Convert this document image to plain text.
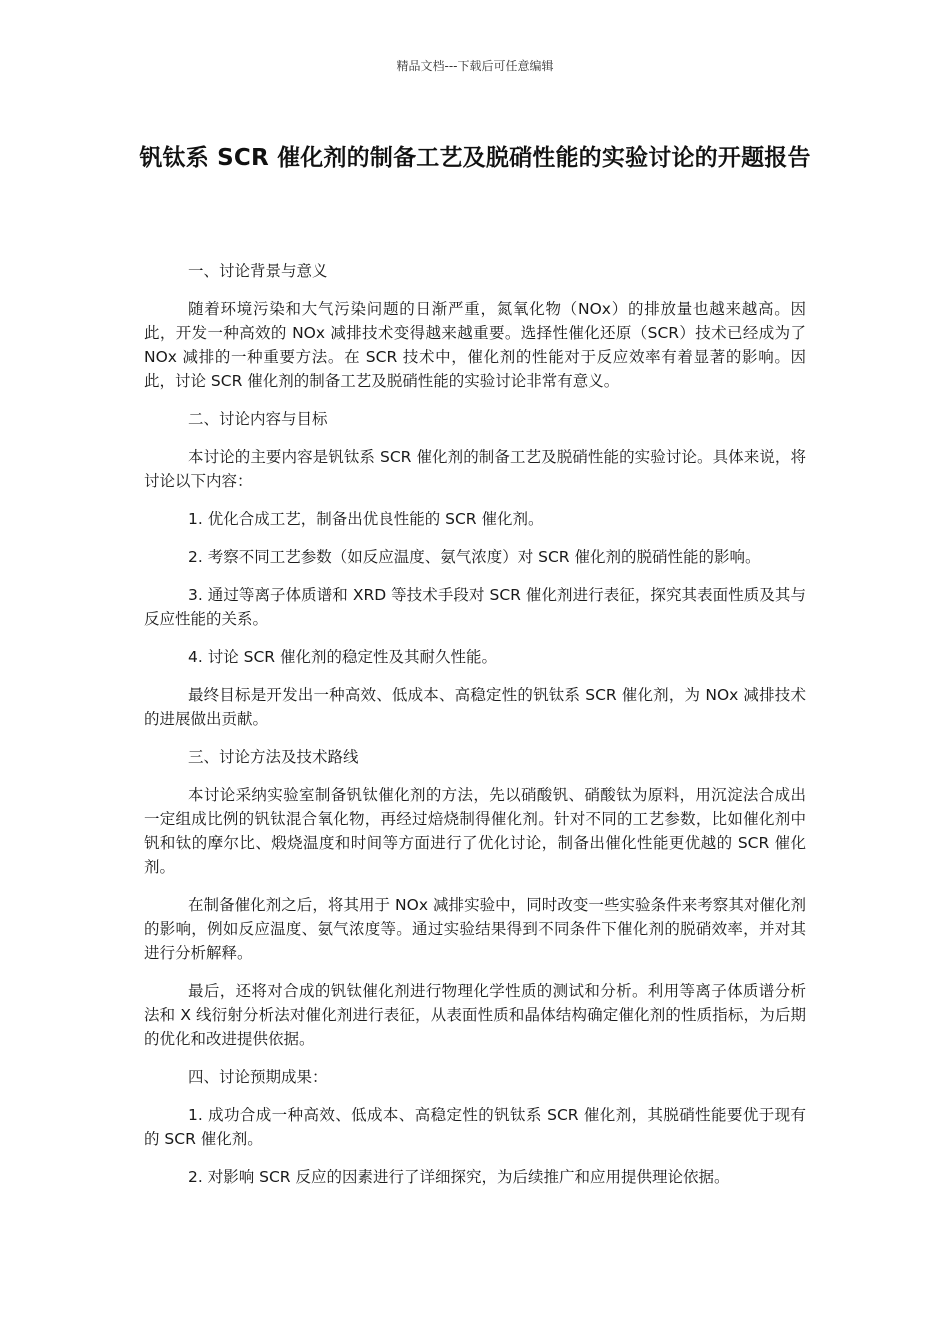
精品文档---下载后可任意编辑
钒钛系 SCR 催化剂的制备工艺及脱硝性能的实验讨论的开题报告

一、讨论背景与意义

随着环境污染和大气污染问题的日渐严重，氮氧化物（NOx）的排放量也越来越高。因此，开发一种高效的 NOx 减排技术变得越来越重要。选择性催化还原（SCR）技术已经成为了 NOx 减排的一种重要方法。在 SCR 技术中，催化剂的性能对于反应效率有着显著的影响。因此，讨论 SCR 催化剂的制备工艺及脱硝性能的实验讨论非常有意义。

二、讨论内容与目标

本讨论的主要内容是钒钛系 SCR 催化剂的制备工艺及脱硝性能的实验讨论。具体来说，将讨论以下内容：

1. 优化合成工艺，制备出优良性能的 SCR 催化剂。

2. 考察不同工艺参数（如反应温度、氨气浓度）对 SCR 催化剂的脱硝性能的影响。

3. 通过等离子体质谱和 XRD 等技术手段对 SCR 催化剂进行表征，探究其表面性质及其与反应性能的关系。

4. 讨论 SCR 催化剂的稳定性及其耐久性能。

最终目标是开发出一种高效、低成本、高稳定性的钒钛系 SCR 催化剂，为 NOx 减排技术的进展做出贡献。

三、讨论方法及技术路线

本讨论采纳实验室制备钒钛催化剂的方法，先以硝酸钒、硝酸钛为原料，用沉淀法合成出一定组成比例的钒钛混合氧化物，再经过焙烧制得催化剂。针对不同的工艺参数，比如催化剂中钒和钛的摩尔比、煅烧温度和时间等方面进行了优化讨论，制备出催化性能更优越的 SCR 催化剂。

在制备催化剂之后，将其用于 NOx 减排实验中，同时改变一些实验条件来考察其对催化剂的影响，例如反应温度、氨气浓度等。通过实验结果得到不同条件下催化剂的脱硝效率，并对其进行分析解释。

最后，还将对合成的钒钛催化剂进行物理化学性质的测试和分析。利用等离子体质谱分析法和 X 线衍射分析法对催化剂进行表征，从表面性质和晶体结构确定催化剂的性质指标，为后期的优化和改进提供依据。

四、讨论预期成果：

1. 成功合成一种高效、低成本、高稳定性的钒钛系 SCR 催化剂，其脱硝性能要优于现有的 SCR 催化剂。

2. 对影响 SCR 反应的因素进行了详细探究，为后续推广和应用提供理论依据。
